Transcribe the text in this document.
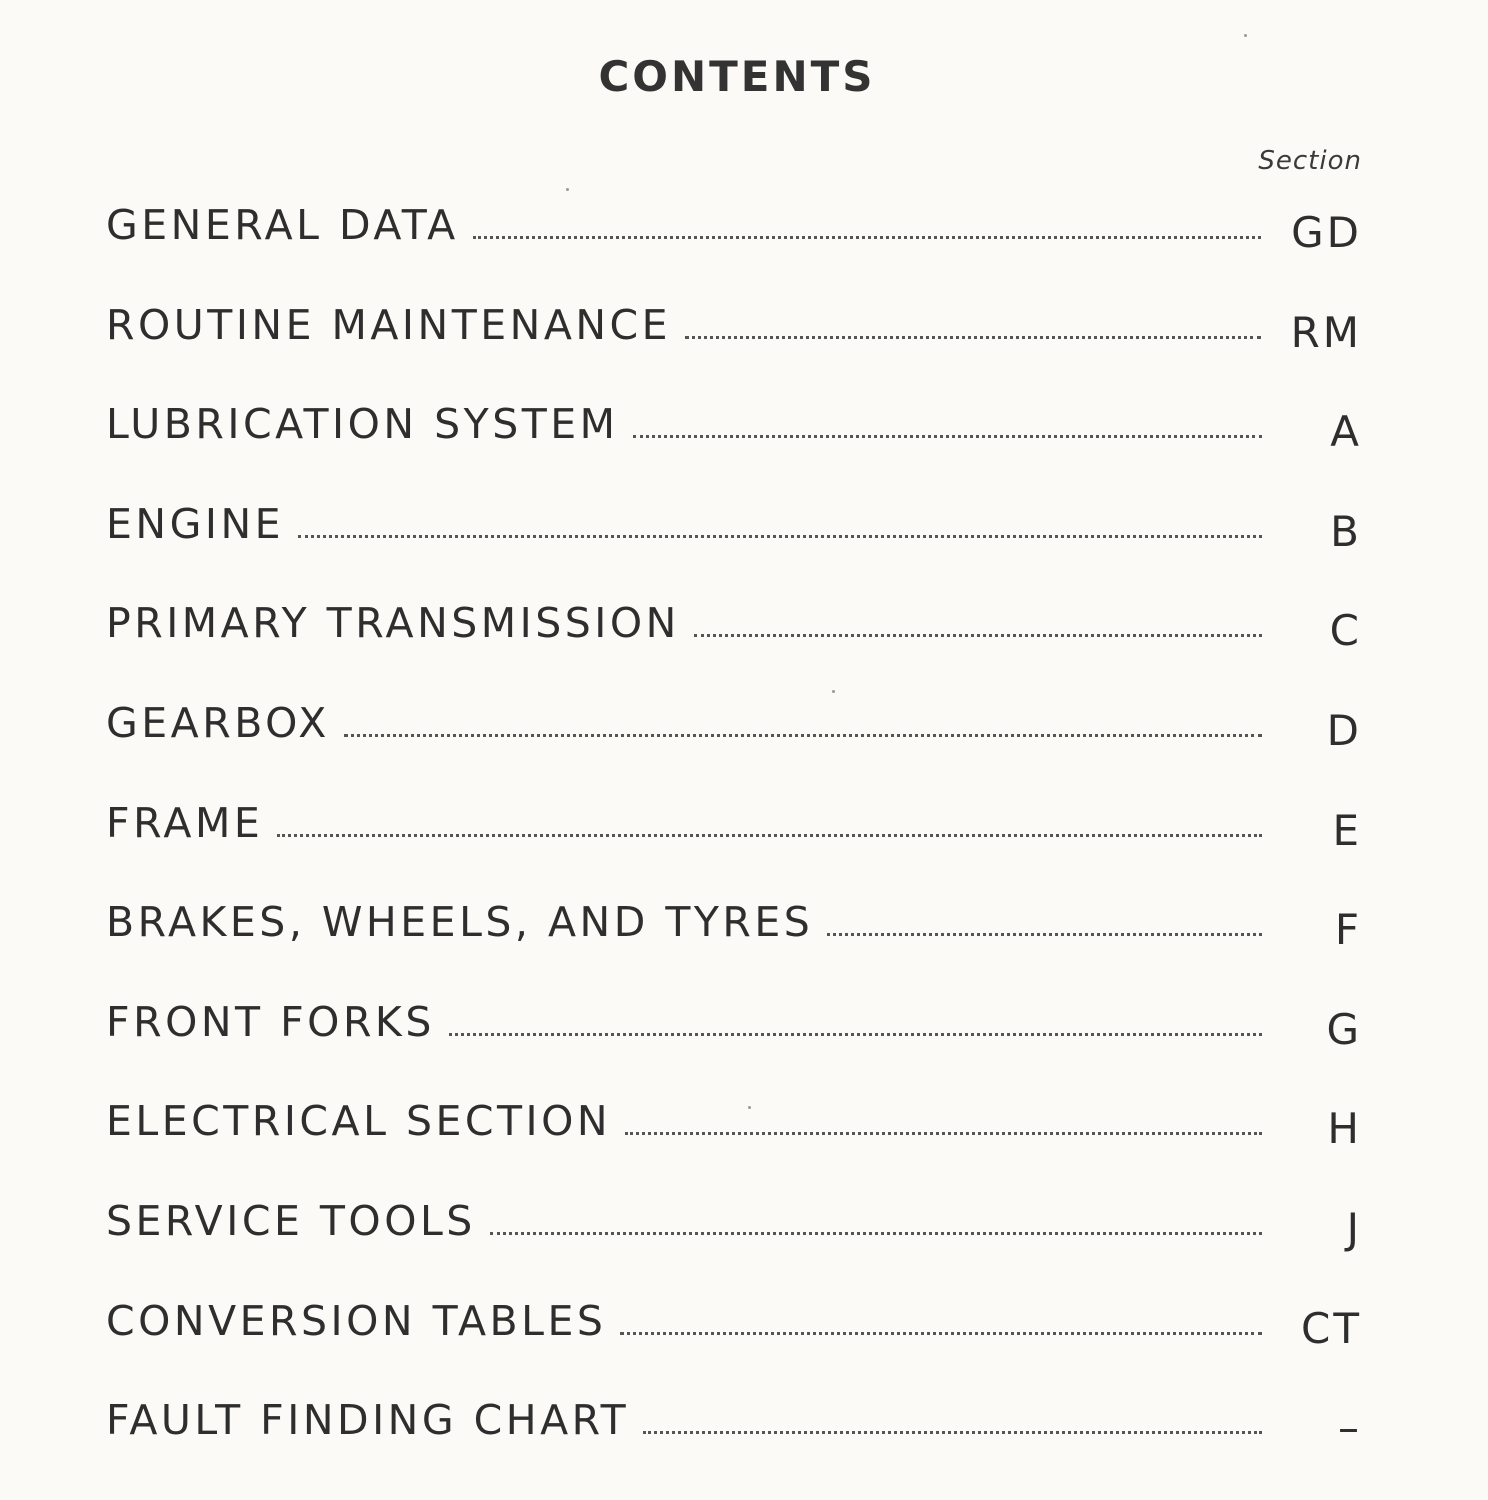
CONTENTS
Section
GENERAL DATA	GD
ROUTINE MAINTENANCE	RM
LUBRICATION SYSTEM	A
ENGINE	B
PRIMARY TRANSMISSION	C
GEARBOX	D
FRAME	E
BRAKES, WHEELS, AND TYRES	F
FRONT FORKS	G
ELECTRICAL SECTION	H
SERVICE TOOLS	J
CONVERSION TABLES	CT
FAULT FINDING CHART	–
